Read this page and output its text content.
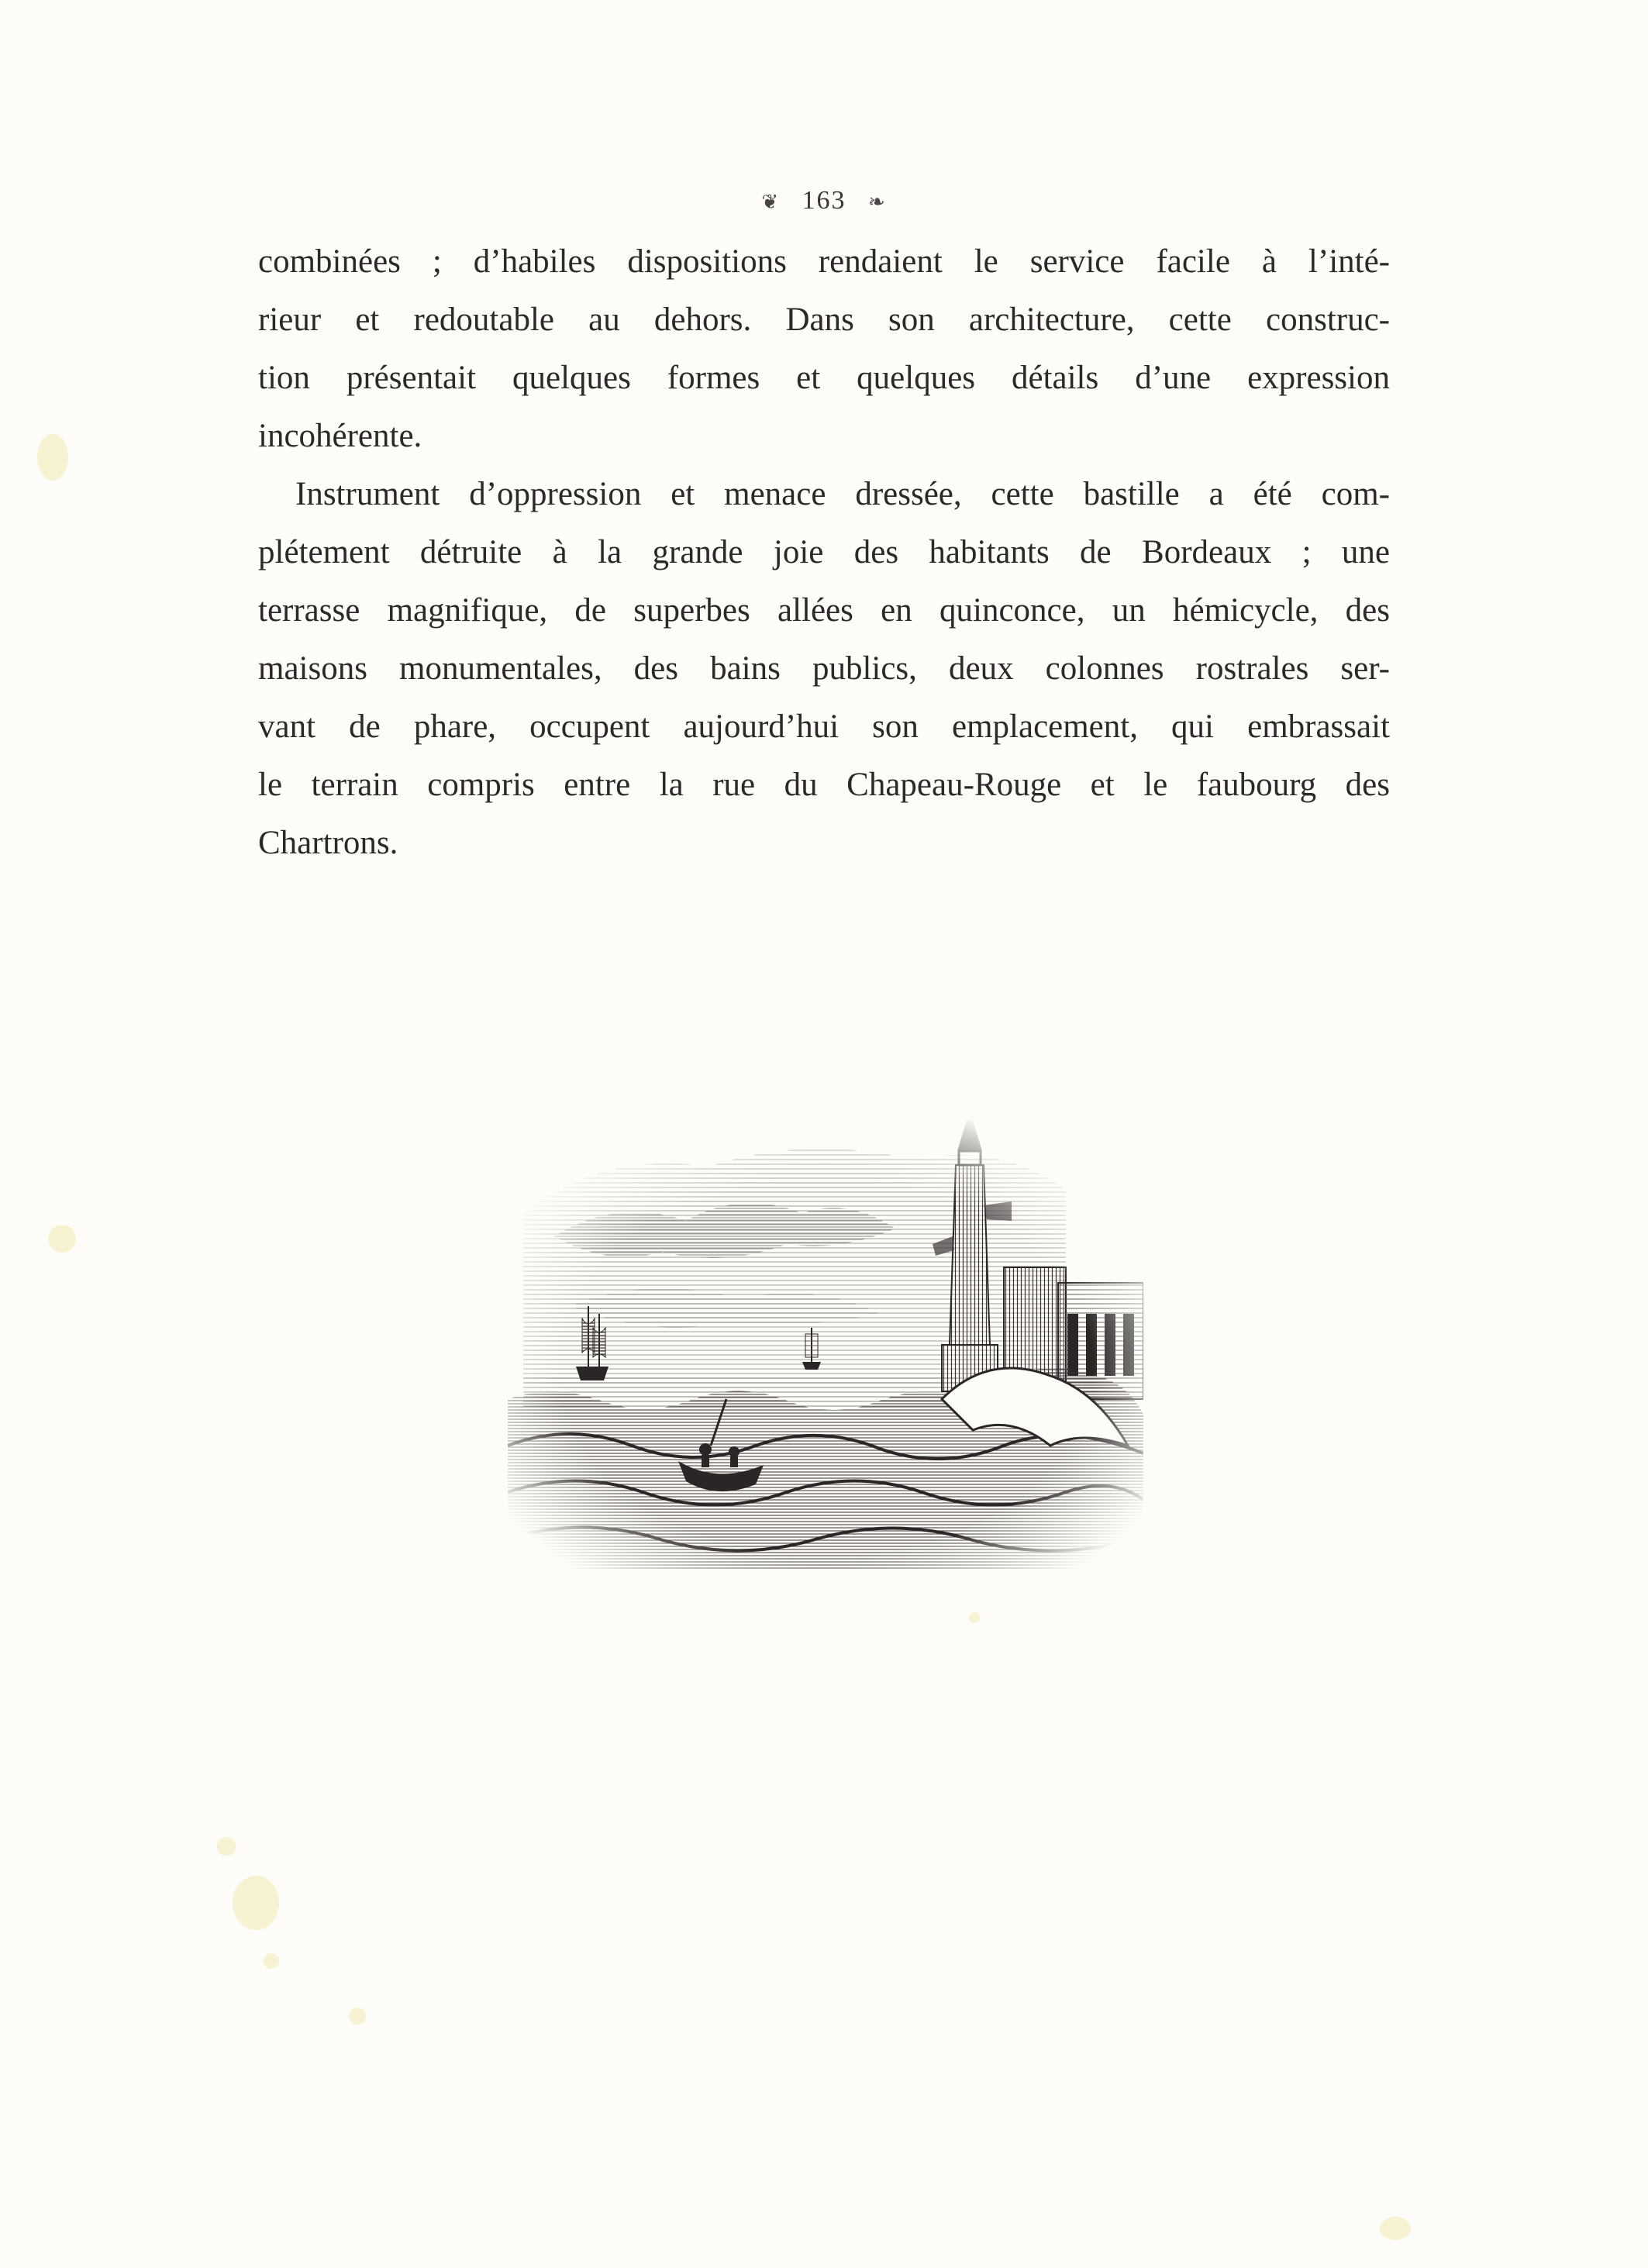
❦ 163 ❧
combinées ; d’habiles dispositions rendaient le service facile à l’inté-
rieur et redoutable au dehors. Dans son architecture, cette construc-
tion présentait quelques formes et quelques détails d’une expression
incohérente.
Instrument d’oppression et menace dressée, cette bastille a été com-
plétement détruite à la grande joie des habitants de Bordeaux ; une
terrasse magnifique, de superbes allées en quinconce, un hémicycle, des
maisons monumentales, des bains publics, deux colonnes rostrales ser-
vant de phare, occupent aujourd’hui son emplacement, qui embrassait
le terrain compris entre la rue du Chapeau-Rouge et le faubourg des
Chartrons.
